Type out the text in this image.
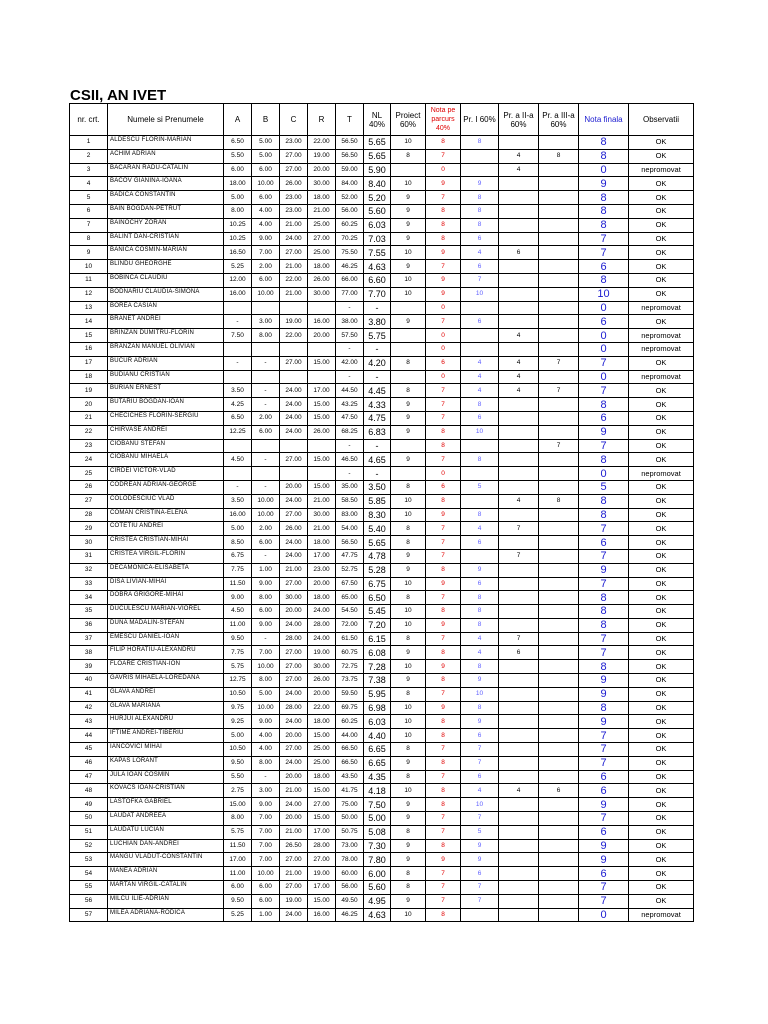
CSII, AN IVET
nr. crt.	Numele si Prenumele	A	B	C	R	T	NL 40%	Proiect 60%	Nota pe parcurs 40%	Pr. I 60%	Pr. a II-a 60%	Pr. a III-a 60%	Nota finala	Observatii
1	ALDESCU FLORIN-MARIAN	6.50	5.00	23.00	22.00	56.50	5.65	10	8	8			8	OK
2	ACHIM ADRIAN	5.50	5.00	27.00	19.00	56.50	5.65	8	7		4	8	8	OK
3	BACARAN RADU-CATALIN	6.00	6.00	27.00	20.00	59.00	5.90		0		4		0	nepromovat
4	BACOV GIANINA-IOANA	18.00	10.00	26.00	30.00	84.00	8.40	10	9	9			9	OK
5	BADICA CONSTANTIN	5.00	6.00	23.00	18.00	52.00	5.20	9	7	8			8	OK
6	BAIN BOGDAN-PETRUT	8.00	4.00	23.00	21.00	56.00	5.60	9	8	8			8	OK
7	BAINOCHY ZORAN	10.25	4.00	21.00	25.00	60.25	6.03	9	8	8			8	OK
8	BALINT DAN-CRISTIAN	10.25	9.00	24.00	27.00	70.25	7.03	9	8	6			7	OK
9	BANICA COSMIN-MARIAN	16.50	7.00	27.00	25.00	75.50	7.55	10	9	4	6		7	OK
10	BLÎNDU GHEORGHE	5.25	2.00	21.00	18.00	46.25	4.63	9	7	6			6	OK
11	BOBINCA CLAUDIU	12.00	6.00	22.00	26.00	66.00	6.60	10	9	7			8	OK
12	BODNARIU CLAUDIA-SIMONA	16.00	10.00	21.00	30.00	77.00	7.70	10	9	10			10	OK
13	BOREA CASIAN					-	-		0				0	nepromovat
14	BRĂNET ANDREI	-	3.00	19.00	16.00	38.00	3.80	9	7	6			6	OK
15	BRINZAN DUMITRU-FLORIN	7.50	8.00	22.00	20.00	57.50	5.75		0		4		0	nepromovat
16	BRÂNZAN MANUEL OLIVIAN					-	-		0				0	nepromovat
17	BUCUR ADRIAN	-	-	27.00	15.00	42.00	4.20	8	6	4	4	7	7	OK
18	BUDIANU CRISTIAN					-	-		0	4	4		0	nepromovat
19	BURIAN ERNEST	3.50	-	24.00	17.00	44.50	4.45	8	7	4	4	7	7	OK
20	BUTARIU BOGDAN-IOAN	4.25	-	24.00	15.00	43.25	4.33	9	7	8			8	OK
21	CHECICHES FLORIN-SERGIU	6.50	2.00	24.00	15.00	47.50	4.75	9	7	6			6	OK
22	CHIRVASE ANDREI	12.25	6.00	24.00	26.00	68.25	6.83	9	8	10			9	OK
23	CIOBANU STEFAN					-	-		8			7	7	OK
24	CIOBANU MIHAELA	4.50	-	27.00	15.00	46.50	4.65	9	7	8			8	OK
25	CÎRDEI VICTOR-VLAD					-	-		0				0	nepromovat
26	CODREAN ADRIAN-GEORGE	-	-	20.00	15.00	35.00	3.50	8	6	5			5	OK
27	COLODESCIUC VLAD	3.50	10.00	24.00	21.00	58.50	5.85	10	8		4	8	8	OK
28	COMAN CRISTINA-ELENA	16.00	10.00	27.00	30.00	83.00	8.30	10	9	8			8	OK
29	COTETIU ANDREI	5.00	2.00	26.00	21.00	54.00	5.40	8	7	4	7		7	OK
30	CRISTEA CRISTIAN-MIHAI	8.50	6.00	24.00	18.00	56.50	5.65	8	7	6			6	OK
31	CRISTEA VIRGIL-FLORIN	6.75	-	24.00	17.00	47.75	4.78	9	7		7		7	OK
32	DECAMONICA-ELISABETA	7.75	1.00	21.00	23.00	52.75	5.28	9	8	9			9	OK
33	DISA LIVIAN-MIHAI	11.50	9.00	27.00	20.00	67.50	6.75	10	9	6			7	OK
34	DOBRA GRIGORE-MIHAI	9.00	8.00	30.00	18.00	65.00	6.50	8	7	8			8	OK
35	DUCULESCU MARIAN-VIOREL	4.50	6.00	20.00	24.00	54.50	5.45	10	8	8			8	OK
36	DUNA MADALIN-STEFAN	11.00	9.00	24.00	28.00	72.00	7.20	10	9	8			8	OK
37	EMESCU DANIEL-IOAN	9.50	-	28.00	24.00	61.50	6.15	8	7	4	7		7	OK
38	FILIP HORATIU-ALEXANDRU	7.75	7.00	27.00	19.00	60.75	6.08	9	8	4	6		7	OK
39	FLOARE CRISTIAN-ION	5.75	10.00	27.00	30.00	72.75	7.28	10	9	8			8	OK
40	GAVRIS MIHAELA-LOREDANA	12.75	8.00	27.00	26.00	73.75	7.38	9	8	9			9	OK
41	GLAVA ANDREI	10.50	5.00	24.00	20.00	59.50	5.95	8	7	10			9	OK
42	GLAVA MARIANA	9.75	10.00	28.00	22.00	69.75	6.98	10	9	8			8	OK
43	HURJUI ALEXANDRU	9.25	9.00	24.00	18.00	60.25	6.03	10	8	9			9	OK
44	IFTIME ANDREI-TIBERIU	5.00	4.00	20.00	15.00	44.00	4.40	10	8	6			7	OK
45	IANCOVICI MIHAI	10.50	4.00	27.00	25.00	66.50	6.65	8	7	7			7	OK
46	KAPAS LORANT	9.50	8.00	24.00	25.00	66.50	6.65	9	8	7			7	OK
47	JULA IOAN COSMIN	5.50	-	20.00	18.00	43.50	4.35	8	7	6			6	OK
48	KOVACS IOAN-CRISTIAN	2.75	3.00	21.00	15.00	41.75	4.18	10	8	4	4	6	6	OK
49	LASTOFKA GABRIEL	15.00	9.00	24.00	27.00	75.00	7.50	9	8	10			9	OK
50	LAUDAT ANDREEA	8.00	7.00	20.00	15.00	50.00	5.00	9	7	7			7	OK
51	LAUDATU LUCIAN	5.75	7.00	21.00	17.00	50.75	5.08	8	7	5			6	OK
52	LUCHIAN DAN-ANDREI	11.50	7.00	26.50	28.00	73.00	7.30	9	8	9			9	OK
53	MANGU VLADUT-CONSTANTIN	17.00	7.00	27.00	27.00	78.00	7.80	9	9	9			9	OK
54	MANEA ADRIAN	11.00	10.00	21.00	19.00	60.00	6.00	8	7	6			6	OK
55	MARTAN VIRGIL-CATALIN	6.00	6.00	27.00	17.00	56.00	5.60	8	7	7			7	OK
56	MILCU ILIE-ADRIAN	9.50	6.00	19.00	15.00	49.50	4.95	9	7	7			7	OK
57	MILEA ADRIANA-RODICA	5.25	1.00	24.00	16.00	46.25	4.63	10	8				0	nepromovat
